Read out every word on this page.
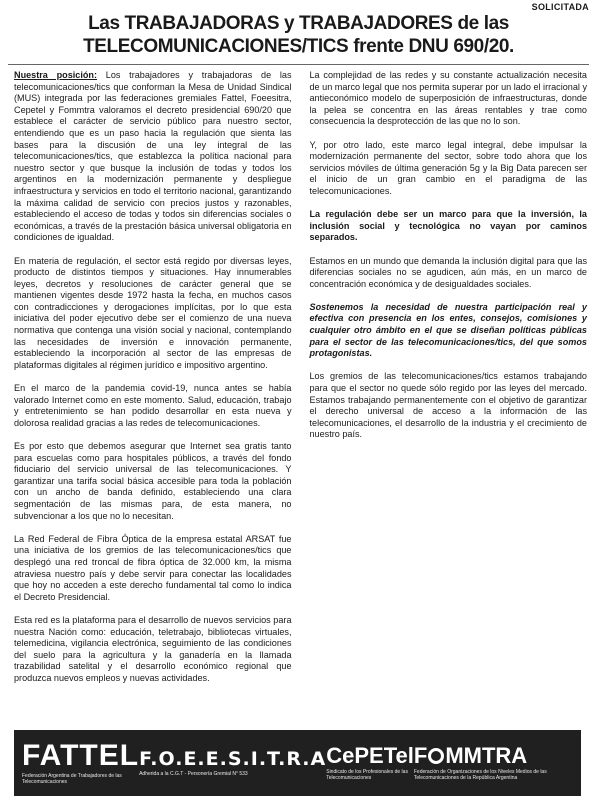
SOLICITADA
Las TRABAJADORAS y TRABAJADORES de las
TELECOMUNICACIONES/TICS frente DNU 690/20.

Nuestra posición: Los trabajadores y trabajadoras de las telecomunicaciones/tics que conforman la Mesa de Unidad Sindical (MUS) integrada por las federaciones gremiales Fattel, Foeesitra, Cepetel y Fommtra valoramos el decreto presidencial 690/20 que establece el carácter de servicio público para nuestro sector, entendiendo que es un paso hacia la regulación que sienta las bases para la discusión de una ley integral de las telecomunicaciones/tics, que establezca la política nacional para nuestro sector y que busque la inclusión de todas y todos los argentinos en la modernización permanente y despliegue infraestructura y servicios en todo el territorio nacional, garantizando la máxima calidad de servicio con precios justos y razonables, estableciendo el acceso de todas y todos sin diferencias sociales o económicas, a través de la prestación básica universal obligatoria en condiciones de igualdad.

En materia de regulación, el sector está regido por diversas leyes, producto de distintos tiempos y situaciones. Hay innumerables leyes, decretos y resoluciones de carácter general que se mantienen vigentes desde 1972 hasta la fecha, en muchos casos con contradicciones y derogaciones implícitas, por lo que esta iniciativa del poder ejecutivo debe ser el comienzo de una nueva normativa que contenga una visión social y nacional, contemplando las necesidades de inversión e innovación permanente, estableciendo la incorporación al sector de las empresas de plataformas digitales al régimen jurídico e impositivo argentino.

En el marco de la pandemia covid-19, nunca antes se había valorado Internet como en este momento. Salud, educación, trabajo y entretenimiento se han podido desarrollar en esta nueva y dolorosa realidad gracias a las redes de telecomunicaciones.

Es por esto que debemos asegurar que Internet sea gratis tanto para escuelas como para hospitales públicos, a través del fondo fiduciario del servicio universal de las telecomunicaciones. Y garantizar una tarifa social básica accesible para toda la población con un ancho de banda definido, estableciendo una clara segmentación de las mismas para, de esta manera, no subvencionar a los que no lo necesitan.

La Red Federal de Fibra Óptica de la empresa estatal ARSAT fue una iniciativa de los gremios de las telecomunicaciones/tics que desplegó una red troncal de fibra óptica de 32.000 km, la misma atraviesa nuestro país y debe servir para conectar las localidades que hoy no acceden a este derecho fundamental tal como lo indica el Decreto Presidencial.

Esta red es la plataforma para el desarrollo de nuevos servicios para nuestra Nación como: educación, teletrabajo, bibliotecas virtuales, telemedicina, vigilancia electrónica, seguimiento de las condiciones del suelo para la agricultura y la ganadería en la llamada trazabilidad satelital y el desarrollo económico regional que produzca nuevos empleos y nuevas actividades.

La complejidad de las redes y su constante actualización necesita de un marco legal que nos permita superar por un lado el irracional y antieconómico modelo de superposición de infraestructuras, donde la pelea se concentra en las áreas rentables y trae como consecuencia la desprotección de las que no lo son.

Y, por otro lado, este marco legal integral, debe impulsar la modernización permanente del sector, sobre todo ahora que los servicios móviles de última generación 5g y la Big Data parecen ser el inicio de un gran cambio en el paradigma de las telecomunicaciones.

La regulación debe ser un marco para que la inversión, la inclusión social y tecnológica no vayan por caminos separados.

Estamos en un mundo que demanda la inclusión digital para que las diferencias sociales no se agudicen, aún más, en un marco de concentración económica y de desigualdades sociales.

Sostenemos la necesidad de nuestra participación real y efectiva con presencia en los entes, consejos, comisiones y cualquier otro ámbito en el que se diseñan políticas públicas para el sector de las telecomunicaciones/tics, del que somos protagonistas.

Los gremios de las telecomunicaciones/tics estamos trabajando para que el sector no quede sólo regido por las leyes del mercado. Estamos trabajando permanentemente con el objetivo de garantizar el derecho universal de acceso a la información de las telecomunicaciones, el desarrollo de la industria y el crecimiento de nuestro país.

FATTEL
Federación Argentina de Trabajadores de las Telecomunicaciones
F.O.E.E.S.I.T.R.A
Adherida a la C.G.T - Personería Gremial N° 533
CePETel
Sindicato de los Profesionales de las Telecomunicaciones
F MMTRA
Federación de Organizaciones de los Niveles Medios de las Telecomunicaciones de la República Argentina
